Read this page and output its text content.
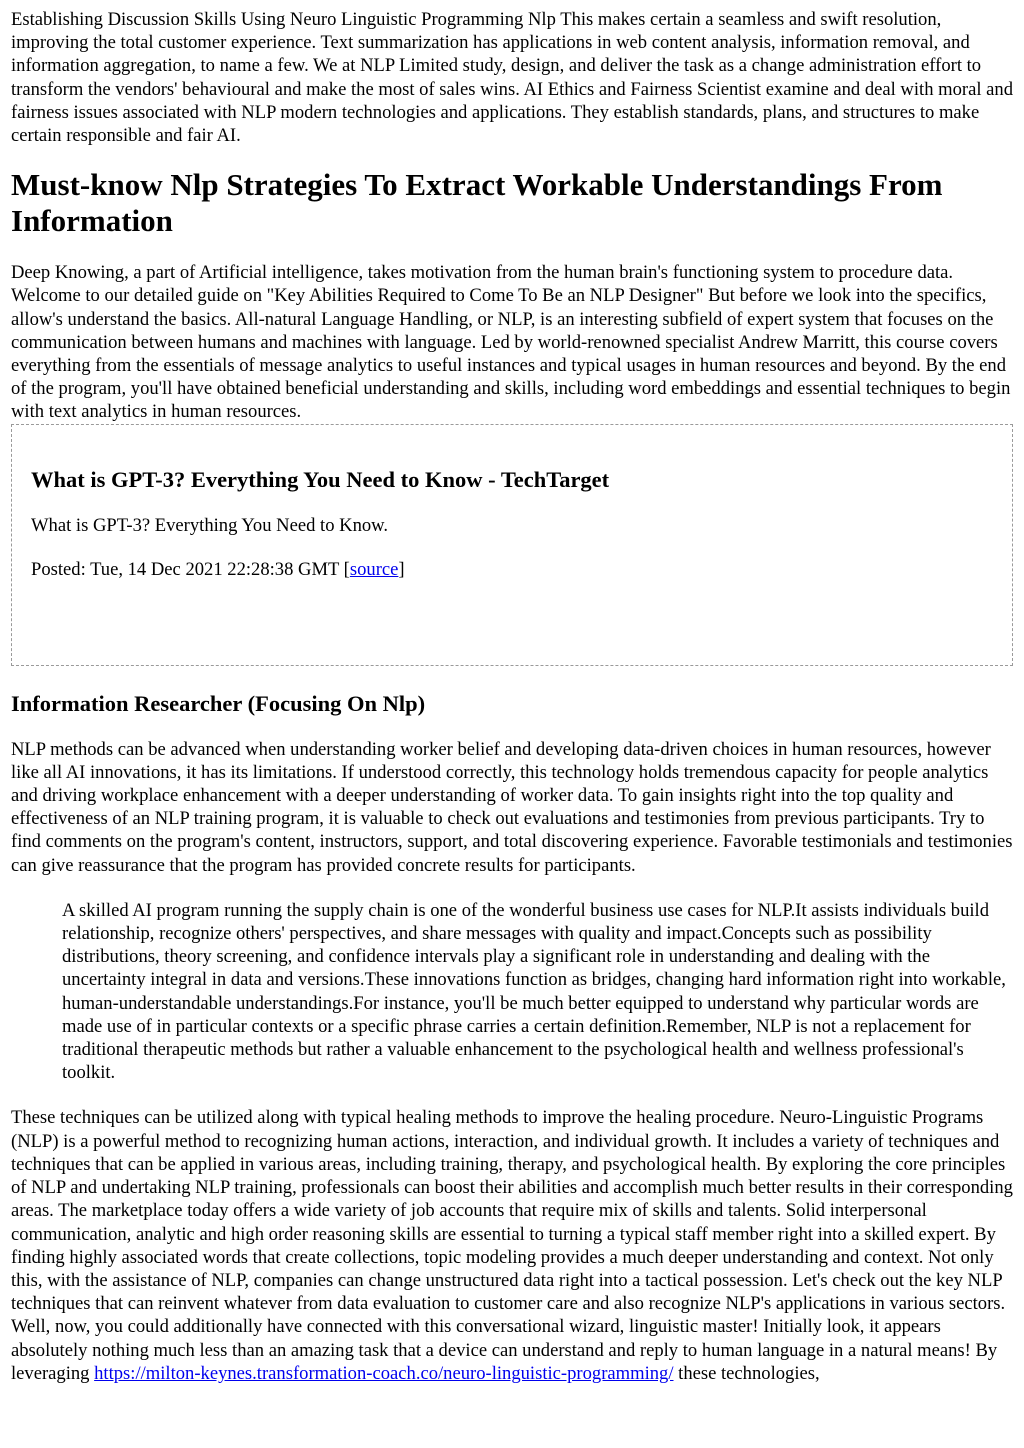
Establishing Discussion Skills Using Neuro Linguistic Programming Nlp This makes certain a seamless and swift resolution, improving the total customer experience. Text summarization has applications in web content analysis, information removal, and information aggregation, to name a few. We at NLP Limited study, design, and deliver the task as a change administration effort to transform the vendors' behavioural and make the most of sales wins. AI Ethics and Fairness Scientist examine and deal with moral and fairness issues associated with NLP modern technologies and applications. They establish standards, plans, and structures to make certain responsible and fair AI.

Must-know Nlp Strategies To Extract Workable Understandings From Information

Deep Knowing, a part of Artificial intelligence, takes motivation from the human brain's functioning system to procedure data. Welcome to our detailed guide on "Key Abilities Required to Come To Be an NLP Designer" But before we look into the specifics, allow's understand the basics. All-natural Language Handling, or NLP, is an interesting subfield of expert system that focuses on the communication between humans and machines with language. Led by world-renowned specialist Andrew Marritt, this course covers everything from the essentials of message analytics to useful instances and typical usages in human resources and beyond. By the end of the program, you'll have obtained beneficial understanding and skills, including word embeddings and essential techniques to begin with text analytics in human resources.

What is GPT-3? Everything You Need to Know - TechTarget

What is GPT-3? Everything You Need to Know.

Posted: Tue, 14 Dec 2021 22:28:38 GMT [source]

Information Researcher (Focusing On Nlp)

NLP methods can be advanced when understanding worker belief and developing data-driven choices in human resources, however like all AI innovations, it has its limitations. If understood correctly, this technology holds tremendous capacity for people analytics and driving workplace enhancement with a deeper understanding of worker data. To gain insights right into the top quality and effectiveness of an NLP training program, it is valuable to check out evaluations and testimonies from previous participants. Try to find comments on the program's content, instructors, support, and total discovering experience. Favorable testimonials and testimonies can give reassurance that the program has provided concrete results for participants.

A skilled AI program running the supply chain is one of the wonderful business use cases for NLP.It assists individuals build relationship, recognize others' perspectives, and share messages with quality and impact.Concepts such as possibility distributions, theory screening, and confidence intervals play a significant role in understanding and dealing with the uncertainty integral in data and versions.These innovations function as bridges, changing hard information right into workable, human-understandable understandings.For instance, you'll be much better equipped to understand why particular words are made use of in particular contexts or a specific phrase carries a certain definition.Remember, NLP is not a replacement for traditional therapeutic methods but rather a valuable enhancement to the psychological health and wellness professional's toolkit.

These techniques can be utilized along with typical healing methods to improve the healing procedure. Neuro-Linguistic Programs (NLP) is a powerful method to recognizing human actions, interaction, and individual growth. It includes a variety of techniques and techniques that can be applied in various areas, including training, therapy, and psychological health. By exploring the core principles of NLP and undertaking NLP training, professionals can boost their abilities and accomplish much better results in their corresponding areas. The marketplace today offers a wide variety of job accounts that require mix of skills and talents. Solid interpersonal communication, analytic and high order reasoning skills are essential to turning a typical staff member right into a skilled expert. By finding highly associated words that create collections, topic modeling provides a much deeper understanding and context. Not only this, with the assistance of NLP, companies can change unstructured data right into a tactical possession. Let's check out the key NLP techniques that can reinvent whatever from data evaluation to customer care and also recognize NLP's applications in various sectors. Well, now, you could additionally have connected with this conversational wizard, linguistic master! Initially look, it appears absolutely nothing much less than an amazing task that a device can understand and reply to human language in a natural means! By leveraging https://milton-keynes.transformation-coach.co/neuro-linguistic-programming/ these technologies,
